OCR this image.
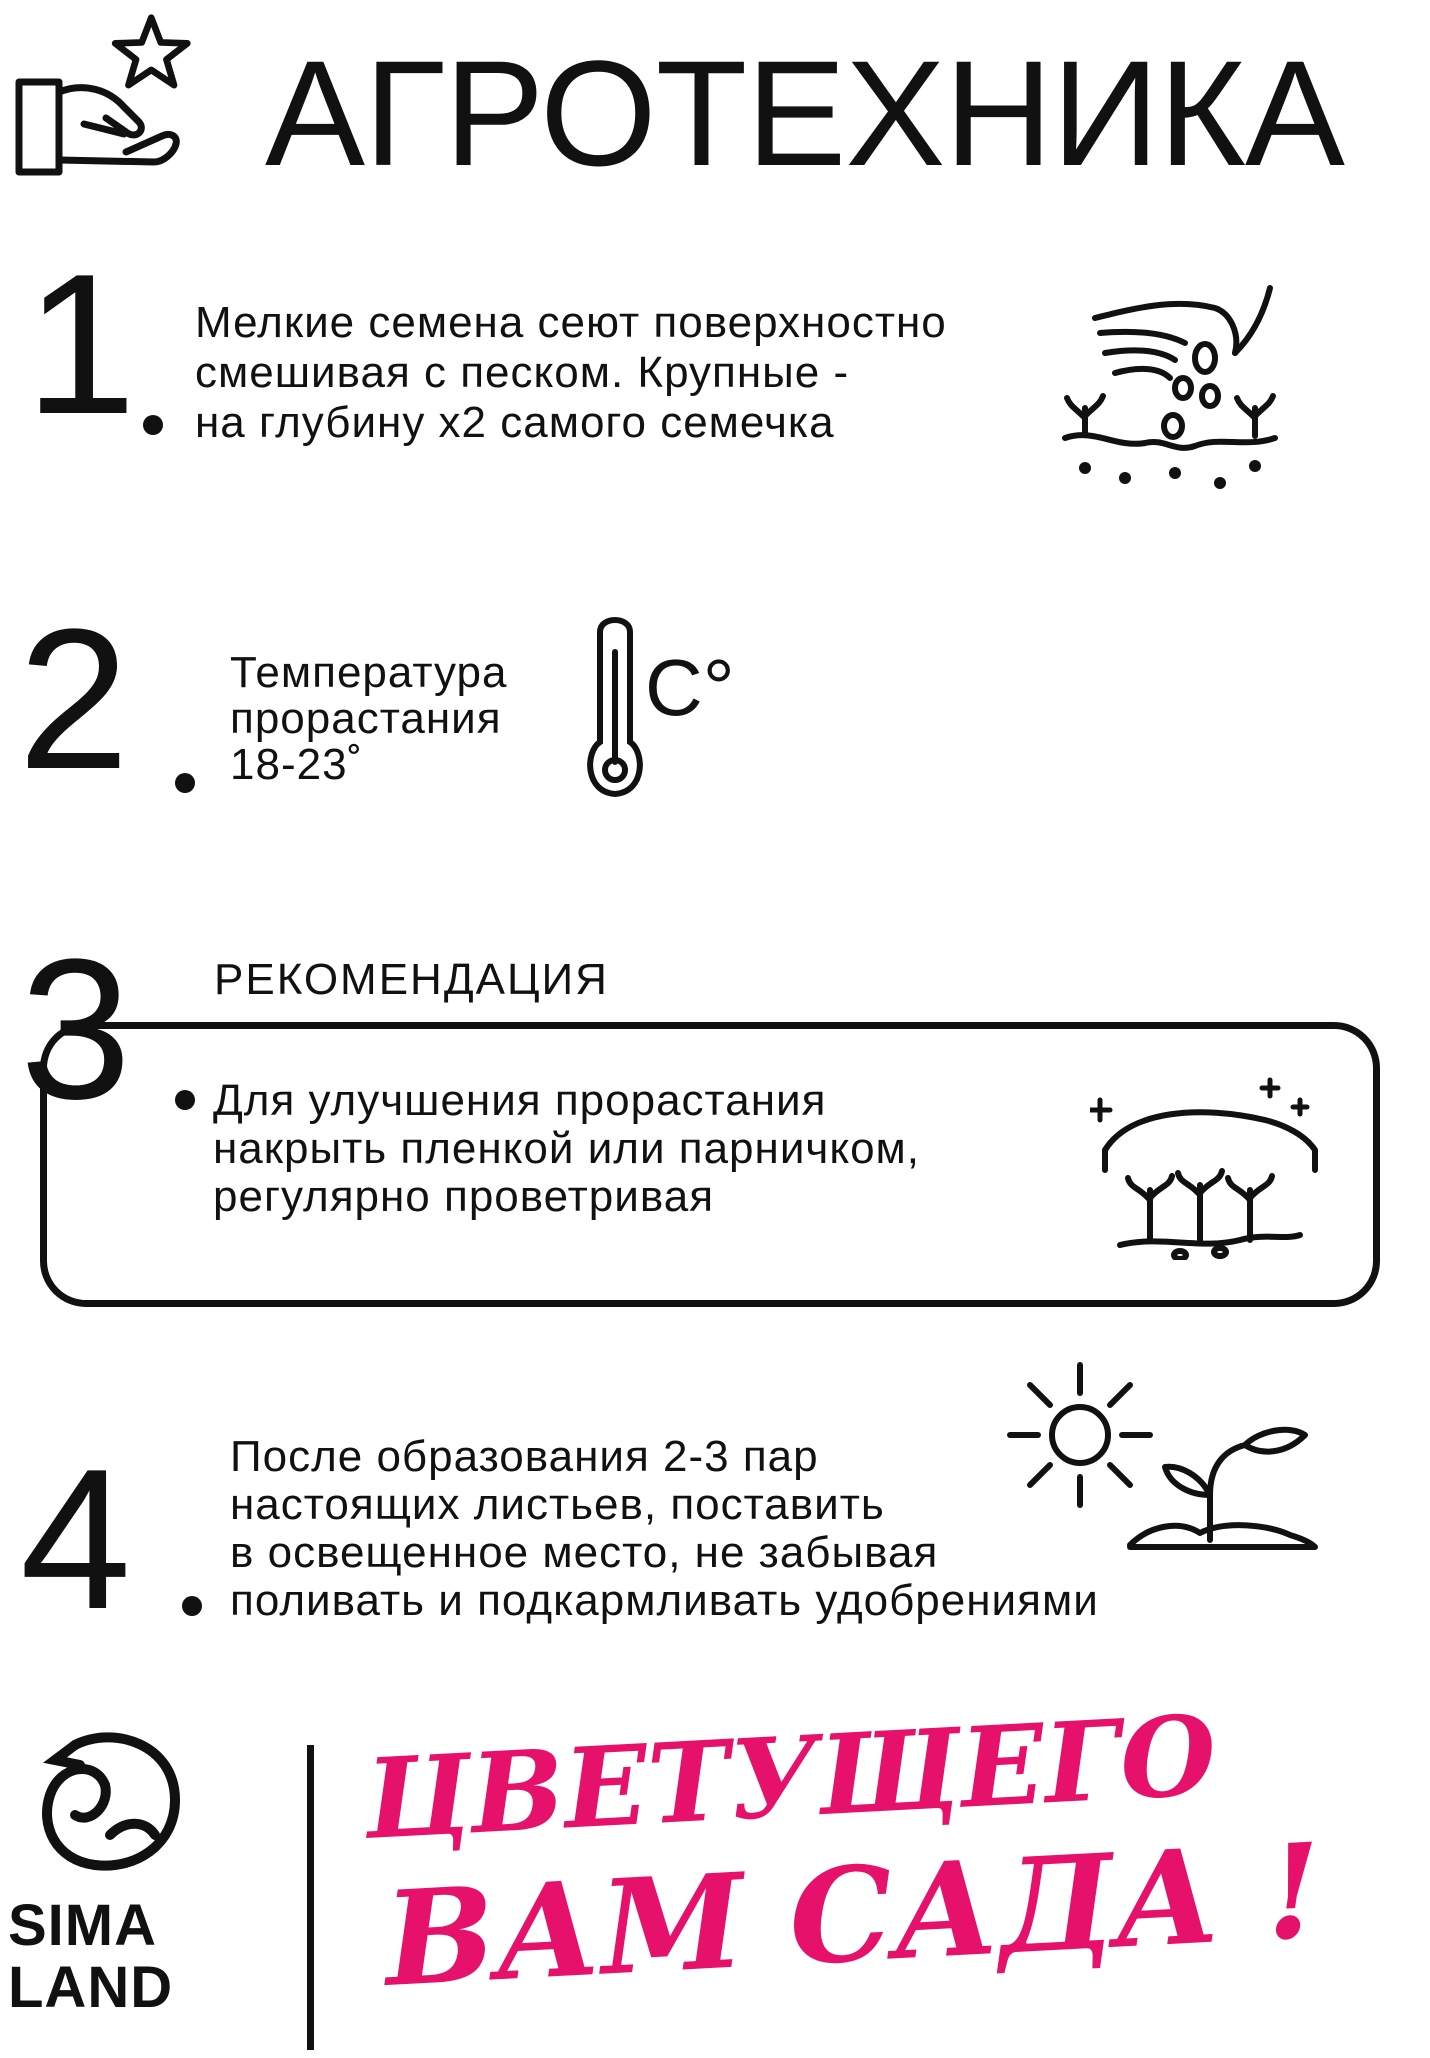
АГРОТЕХНИКА
1 Мелкие семена сеют поверхностно
смешивая с песком. Крупные -
на глубину х2 самого семечка
2 Температура
прорастания
18-23˚
C°
3 РЕКОМЕНДАЦИЯ
Для улучшения прорастания
накрыть пленкой или парничком,
регулярно проветривая
4 После образования 2-3 пар
настоящих листьев, поставить
в освещенное место, не забывая
поливать и подкармливать удобрениями
SIMA
LAND
ЦВЕТУЩЕГО
ВАМ САДА !
